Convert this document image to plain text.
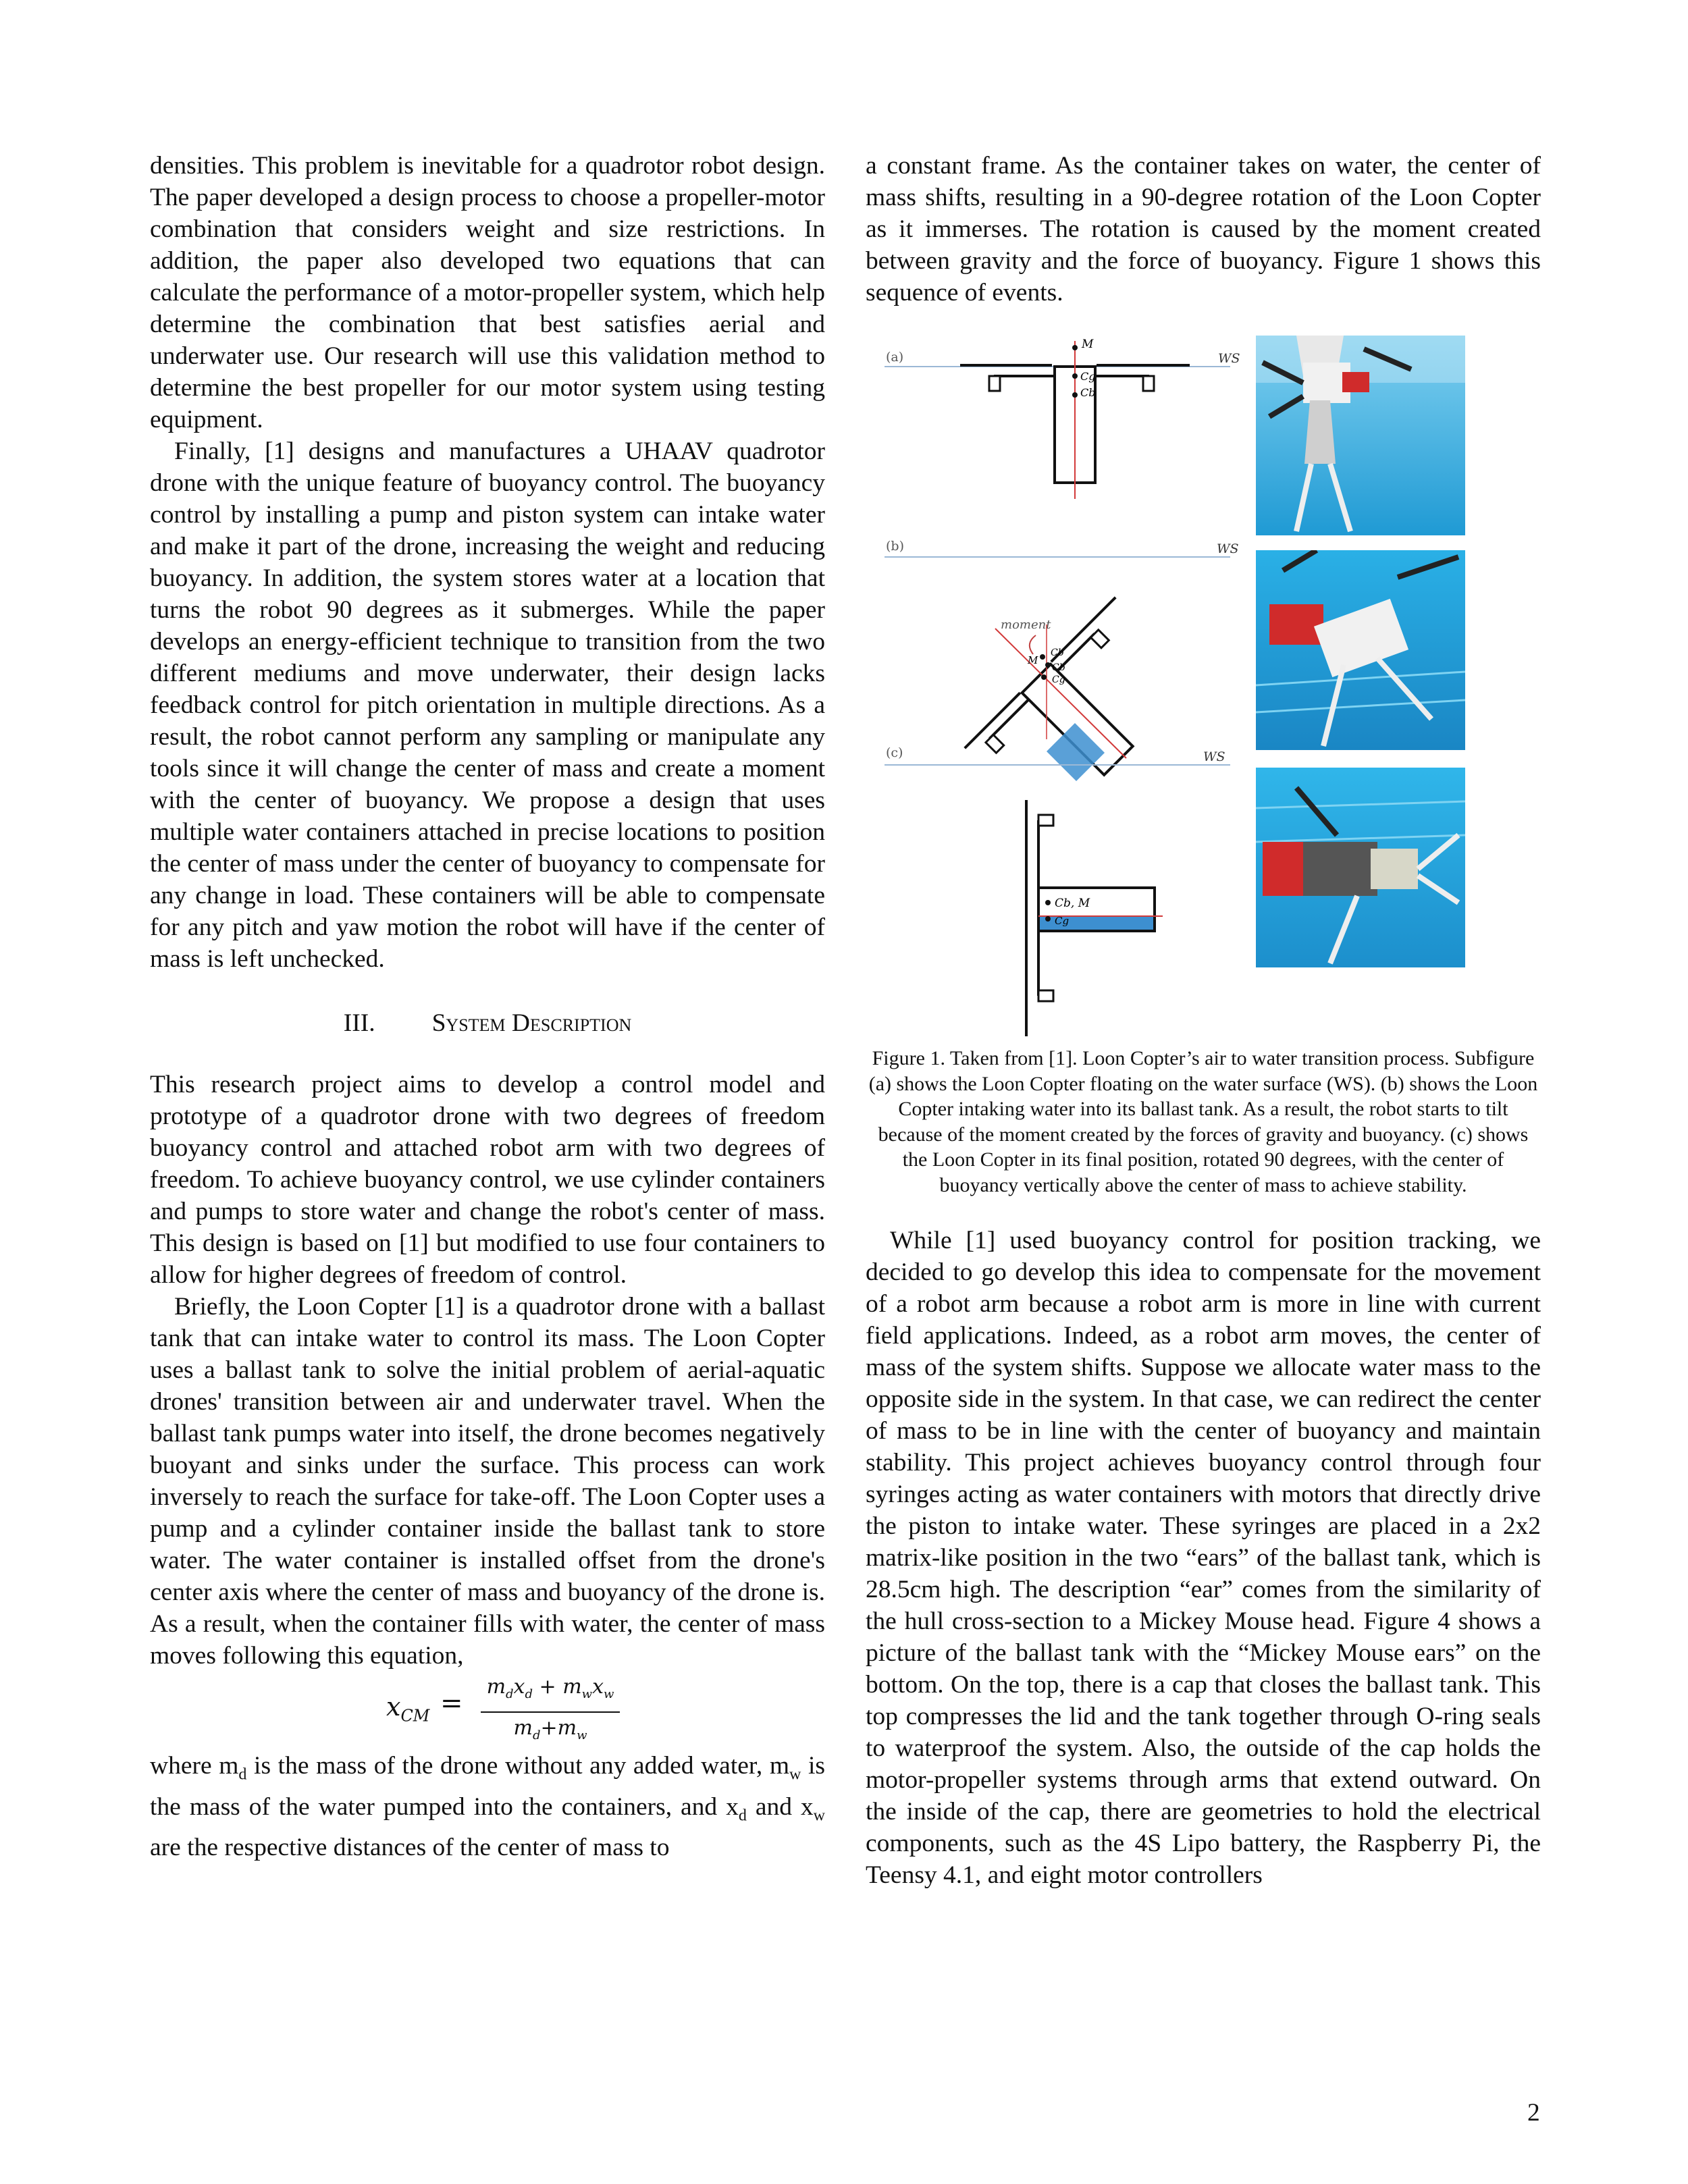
densities. This problem is inevitable for a quadrotor robot design. The paper developed a design process to choose a propeller-motor combination that considers weight and size restrictions. In addition, the paper also developed two equations that can calculate the performance of a motor-propeller system, which help determine the combination that best satisfies aerial and underwater use. Our research will use this validation method to determine the best propeller for our motor system using testing equipment.

Finally, [1] designs and manufactures a UHAAV quadrotor drone with the unique feature of buoyancy control. The buoyancy control by installing a pump and piston system can intake water and make it part of the drone, increasing the weight and reducing buoyancy. In addition, the system stores water at a location that turns the robot 90 degrees as it submerges. While the paper develops an energy-efficient technique to transition from the two different mediums and move underwater, their design lacks feedback control for pitch orientation in multiple directions. As a result, the robot cannot perform any sampling or manipulate any tools since it will change the center of mass and create a moment with the center of buoyancy. We propose a design that uses multiple water containers attached in precise locations to position the center of mass under the center of buoyancy to compensate for any change in load. These containers will be able to compensate for any pitch and yaw motion the robot will have if the center of mass is left unchecked.

III. System Description

This research project aims to develop a control model and prototype of a quadrotor drone with two degrees of freedom buoyancy control and attached robot arm with two degrees of freedom. To achieve buoyancy control, we use cylinder containers and pumps to store water and change the robot's center of mass. This design is based on [1] but modified to use four containers to allow for higher degrees of freedom of control.

Briefly, the Loon Copter [1] is a quadrotor drone with a ballast tank that can intake water to control its mass. The Loon Copter uses a ballast tank to solve the initial problem of aerial-aquatic drones' transition between air and underwater travel. When the ballast tank pumps water into itself, the drone becomes negatively buoyant and sinks under the surface. This process can work inversely to reach the surface for take-off. The Loon Copter uses a pump and a cylinder container inside the ballast tank to store water. The water container is installed offset from the drone's center axis where the center of mass and buoyancy of the drone is. As a result, when the container fills with water, the center of mass moves following this equation,

$x_{CM}$ =
$m_dx_d + m_wx_w$
$m_d+m_w$

where $m_d$ is the mass of the drone without any added water, $m_w$ is the mass of the water pumped into the containers, and $x_d$ and $x_w$ are the respective distances of the center of mass to

a constant frame. As the container takes on water, the center of mass shifts, resulting in a 90-degree rotation of the Loon Copter as it immerses. The rotation is caused by the moment created between gravity and the force of buoyancy. Figure 1 shows this sequence of events.

(a)	WS
M
Cg
Cb
(b)	WS
moment
M
Cb
Cb
Cg
(c)	WS
Cb, M
Cg

Figure 1. Taken from [1]. Loon Copter’s air to water transition process. Subfigure (a) shows the Loon Copter floating on the water surface (WS). (b) shows the Loon Copter intaking water into its ballast tank. As a result, the robot starts to tilt because of the moment created by the forces of gravity and buoyancy. (c) shows the Loon Copter in its final position, rotated 90 degrees, with the center of buoyancy vertically above the center of mass to achieve stability.

While [1] used buoyancy control for position tracking, we decided to go develop this idea to compensate for the movement of a robot arm because a robot arm is more in line with current field applications. Indeed, as a robot arm moves, the center of mass of the system shifts. Suppose we allocate water mass to the opposite side in the system. In that case, we can redirect the center of mass to be in line with the center of buoyancy and maintain stability. This project achieves buoyancy control through four syringes acting as water containers with motors that directly drive the piston to intake water. These syringes are placed in a 2x2 matrix-like position in the two “ears” of the ballast tank, which is 28.5cm high. The description “ear” comes from the similarity of the hull cross-section to a Mickey Mouse head. Figure 4 shows a picture of the ballast tank with the “Mickey Mouse ears” on the bottom. On the top, there is a cap that closes the ballast tank. This top compresses the lid and the tank together through O-ring seals to waterproof the system. Also, the outside of the cap holds the motor-propeller systems through arms that extend outward. On the inside of the cap, there are geometries to hold the electrical components, such as the 4S Lipo battery, the Raspberry Pi, the Teensy 4.1, and eight motor controllers

2
